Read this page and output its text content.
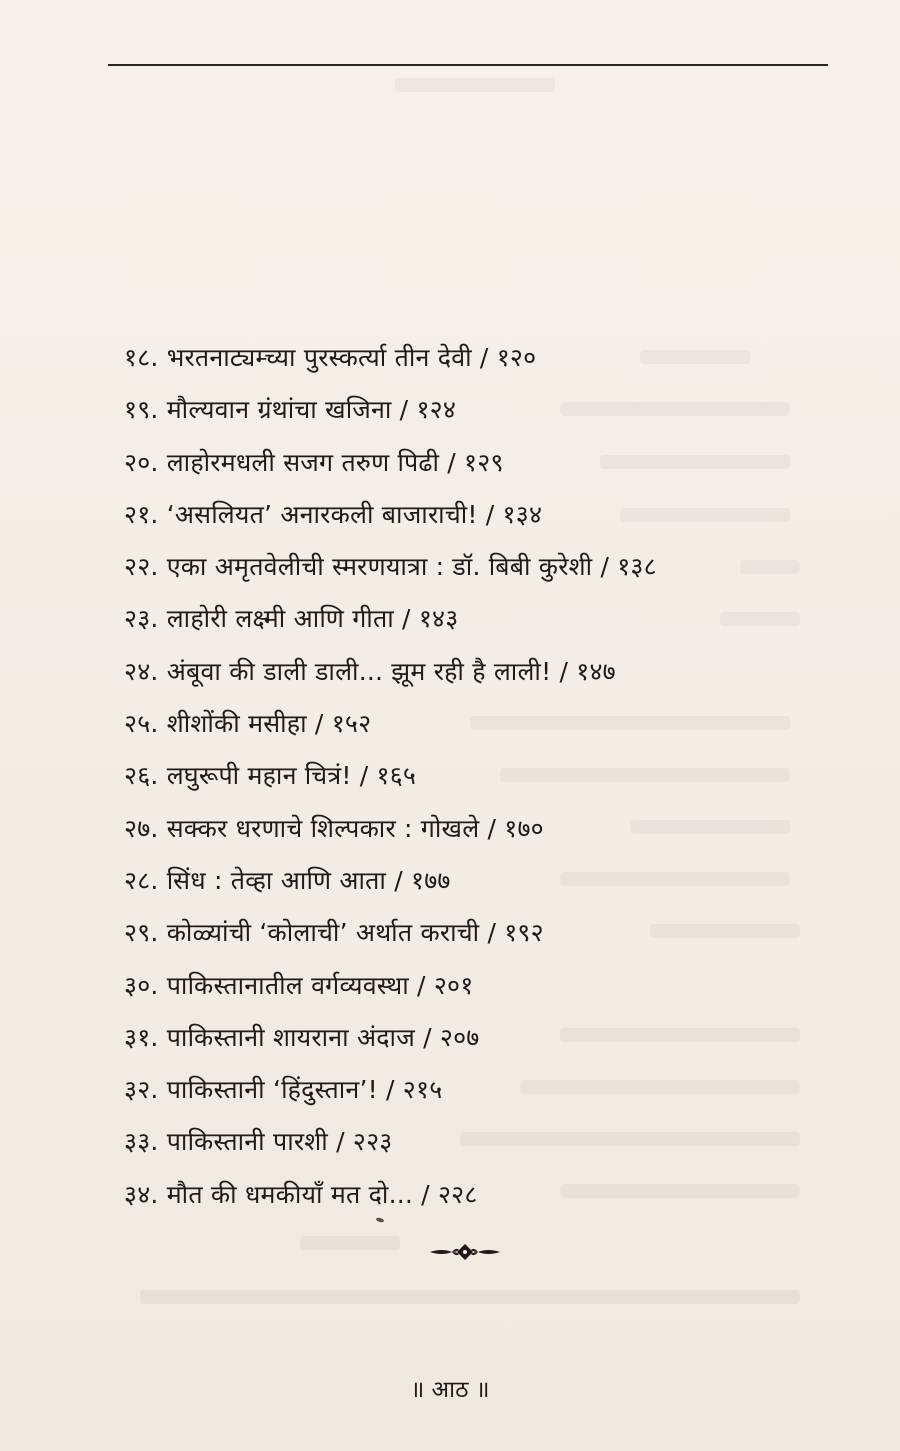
१८. भरतनाट्यम्च्या पुरस्कर्त्या तीन देवी / १२०
१९. मौल्यवान ग्रंथांचा खजिना / १२४
२०. लाहोरमधली सजग तरुण पिढी / १२९
२१. ‘असलियत’ अनारकली बाजाराची! / १३४
२२. एका अमृतवेलीची स्मरणयात्रा : डॉ. बिबी कुरेशी / १३८
२३. लाहोरी लक्ष्मी आणि गीता / १४३
२४. अंबूवा की डाली डाली... झूम रही है लाली! / १४७
२५. शीशोंकी मसीहा / १५२
२६. लघुरूपी महान चित्रं! / १६५
२७. सक्कर धरणाचे शिल्पकार : गोखले / १७०
२८. सिंध : तेव्हा आणि आता / १७७
२९. कोळ्यांची ‘कोलाची’ अर्थात कराची / १९२
३०. पाकिस्तानातील वर्गव्यवस्था / २०१
३१. पाकिस्तानी शायराना अंदाज / २०७
३२. पाकिस्तानी ‘हिंदुस्तान’! / २१५
३३. पाकिस्तानी पारशी / २२३
३४. मौत की धमकीयाँ मत दो... / २२८
॥ आठ ॥
